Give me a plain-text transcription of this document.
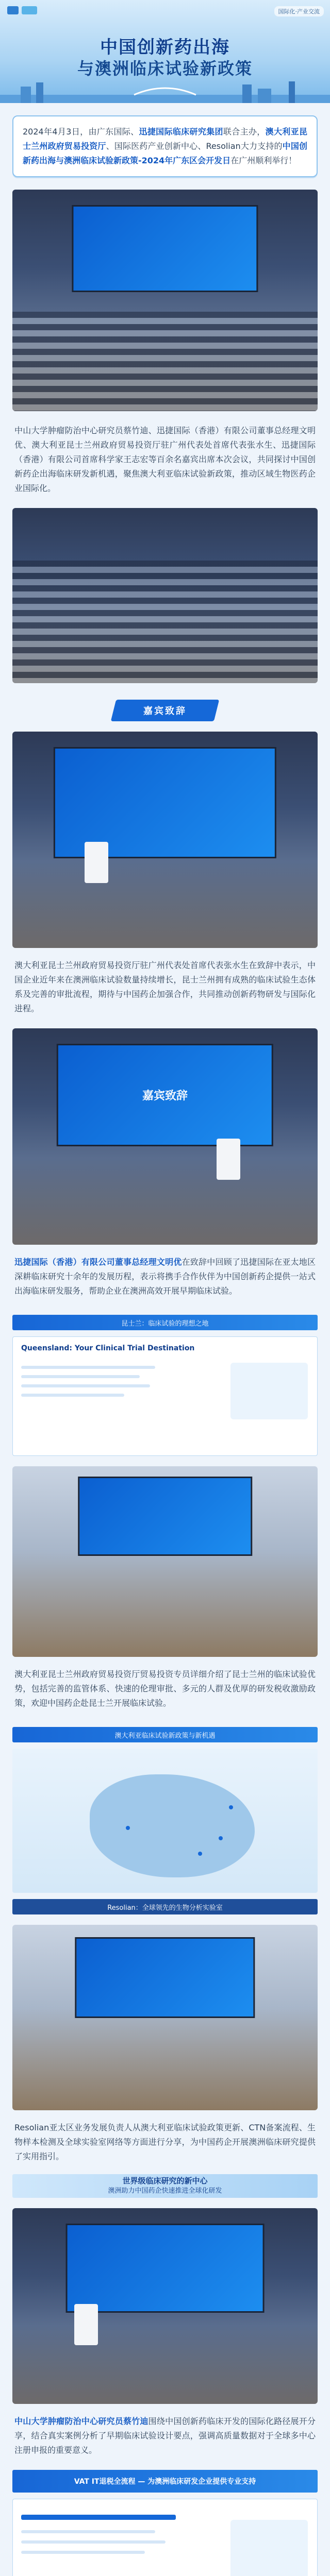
国际化·产业交流
中国创新药出海
与澳洲临床试验新政策
2024年4月3日，由广东国际、迅捷国际临床研究集团联合主办，澳大利亚昆士兰州政府贸易投资厅、国际医药产业创新中心、Resolian大力支持的中国创新药出海与澳洲临床试验新政策-2024年广东区会开发日在广州顺利举行！
中山大学肿瘤防治中心研究员蔡竹迪、迅捷国际（香港）有限公司董事总经理文明优、澳大利亚昆士兰州政府贸易投资厅驻广州代表处首席代表张水生、迅捷国际（香港）有限公司首席科学家王志宏等百余名嘉宾出席本次会议，共同探讨中国创新药企出海临床研发新机遇，聚焦澳大利亚临床试验新政策，推动区域生物医药企业国际化。
嘉宾致辞
澳大利亚昆士兰州政府贸易投资厅驻广州代表处首席代表张水生在致辞中表示，中国企业近年来在澳洲临床试验数量持续增长，昆士兰州拥有成熟的临床试验生态体系及完善的审批流程，期待与中国药企加强合作，共同推动创新药物研发与国际化进程。
嘉宾致辞
迅捷国际（香港）有限公司董事总经理文明优在致辞中回顾了迅捷国际在亚太地区深耕临床研究十余年的发展历程，表示将携手合作伙伴为中国创新药企提供一站式出海临床研发服务，帮助企业在澳洲高效开展早期临床试验。
昆士兰：临床试验的理想之地
Queensland: Your Clinical Trial Destination
澳大利亚昆士兰州政府贸易投资厅贸易投资专员详细介绍了昆士兰州的临床试验优势，包括完善的监管体系、快速的伦理审批、多元的人群及优厚的研发税收激励政策，欢迎中国药企赴昆士兰开展临床试验。
澳大利亚临床试验新政策与新机遇
Resolian：全球领先的生物分析实验室
Resolian亚太区业务发展负责人从澳大利亚临床试验政策更新、CTN备案流程、生物样本检测及全球实验室网络等方面进行分享，为中国药企开展澳洲临床研究提供了实用指引。
世界级临床研究的新中心
澳洲助力中国药企快速推进全球化研发
中山大学肿瘤防治中心研究员蔡竹迪围绕中国创新药临床开发的国际化路径展开分享，结合真实案例分析了早期临床试验设计要点，强调高质量数据对于全球多中心注册申报的重要意义。
VAT IT退税全流程 — 为澳洲临床研发企业提供专业支持
